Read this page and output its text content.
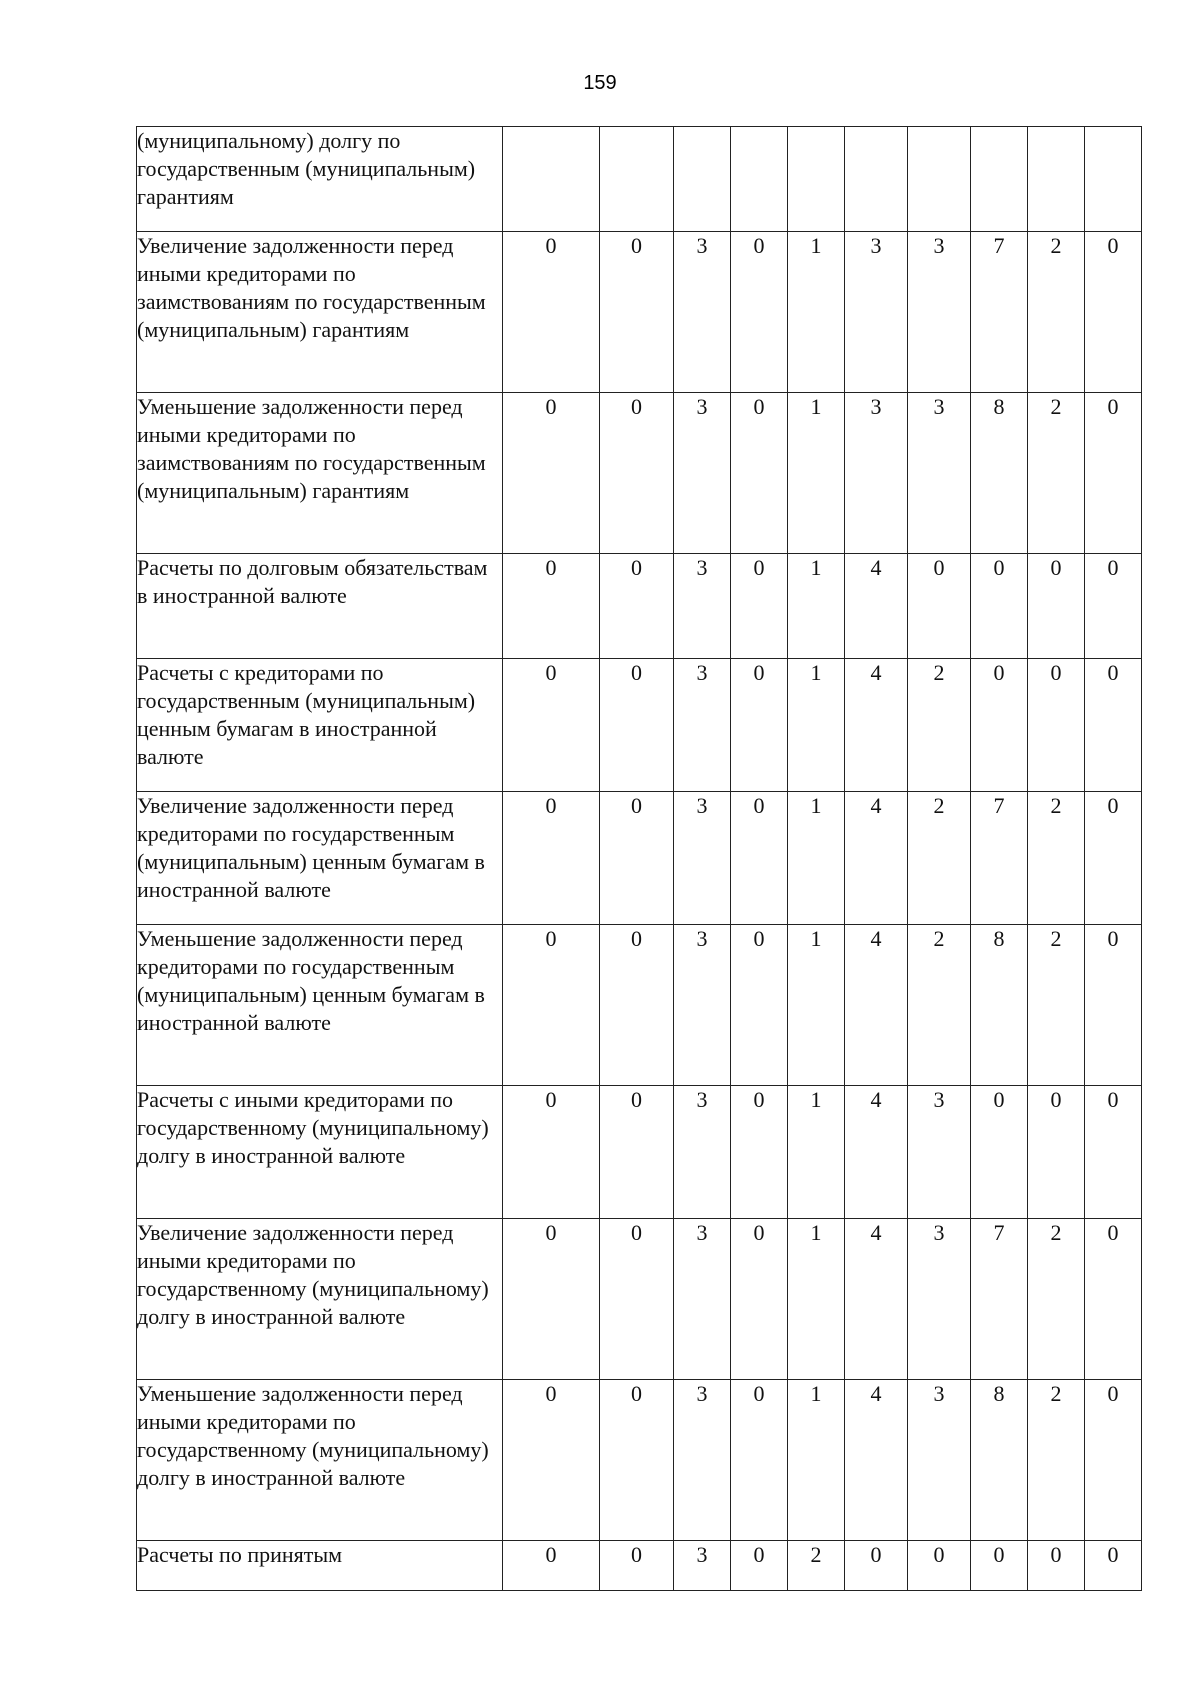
159
(муниципальному) долгу по государственным (муниципальным) гарантиям										
Увеличение задолженности перед иными кредиторами по заимствованиям по государственным (муниципальным) гарантиям	0	0	3	0	1	3	3	7	2	0
Уменьшение задолженности перед иными кредиторами по заимствованиям по государственным (муниципальным) гарантиям	0	0	3	0	1	3	3	8	2	0
Расчеты по долговым обязательствам в иностранной валюте	0	0	3	0	1	4	0	0	0	0
Расчеты с кредиторами по государственным (муниципальным) ценным бумагам в иностранной валюте	0	0	3	0	1	4	2	0	0	0
Увеличение задолженности перед кредиторами по государственным (муниципальным) ценным бумагам в иностранной валюте	0	0	3	0	1	4	2	7	2	0
Уменьшение задолженности перед кредиторами по государственным (муниципальным) ценным бумагам в иностранной валюте	0	0	3	0	1	4	2	8	2	0
Расчеты с иными кредиторами по государственному (муниципальному) долгу в иностранной валюте	0	0	3	0	1	4	3	0	0	0
Увеличение задолженности перед иными кредиторами по государственному (муниципальному) долгу в иностранной валюте	0	0	3	0	1	4	3	7	2	0
Уменьшение задолженности перед иными кредиторами по государственному (муниципальному) долгу в иностранной валюте	0	0	3	0	1	4	3	8	2	0
Расчеты по принятым	0	0	3	0	2	0	0	0	0	0
